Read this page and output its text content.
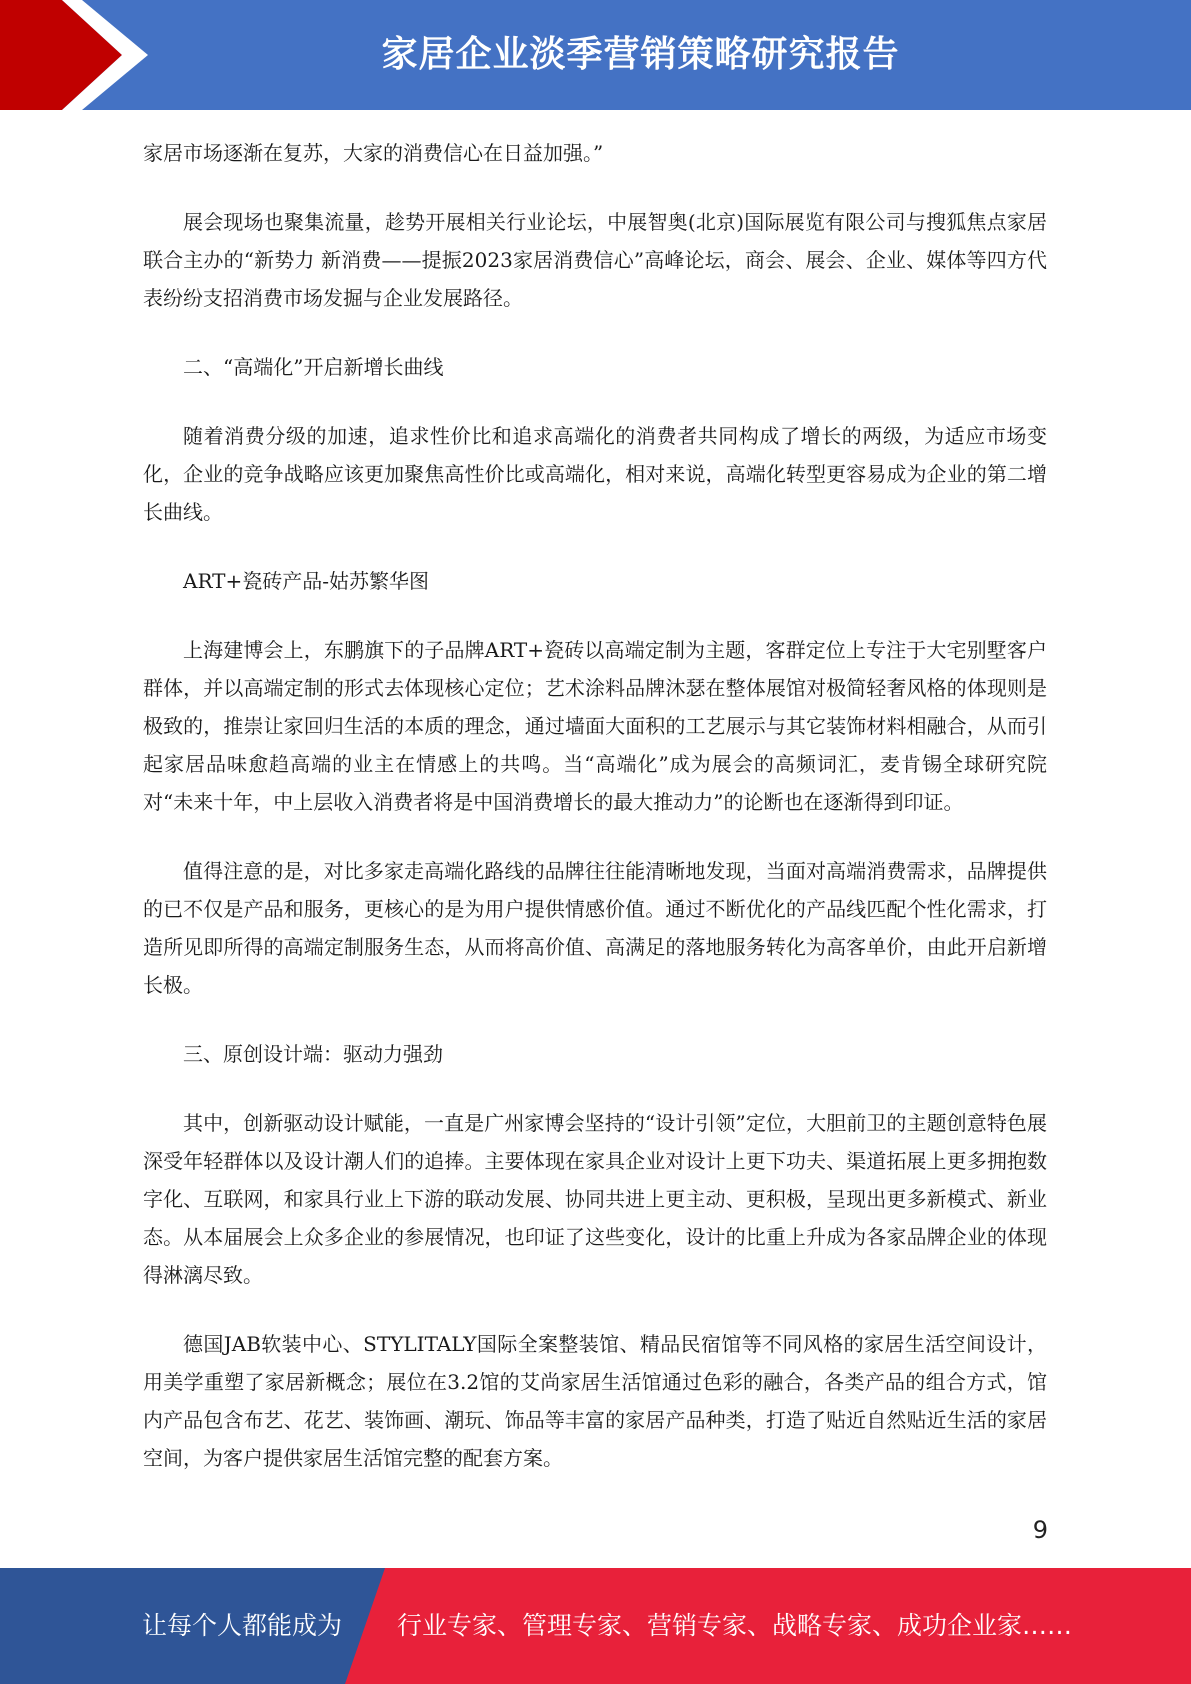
家居企业淡季营销策略研究报告

家居市场逐渐在复苏，大家的消费信心在日益加强。”

展会现场也聚集流量，趁势开展相关行业论坛，中展智奥(北京)国际展览有限公司与搜狐焦点家居联合主办的“新势力 新消费——提振2023家居消费信心”高峰论坛，商会、展会、企业、媒体等四方代表纷纷支招消费市场发掘与企业发展路径。

二、“高端化”开启新增长曲线

随着消费分级的加速，追求性价比和追求高端化的消费者共同构成了增长的两级，为适应市场变化，企业的竞争战略应该更加聚焦高性价比或高端化，相对来说，高端化转型更容易成为企业的第二增长曲线。

ART+瓷砖产品-姑苏繁华图

上海建博会上，东鹏旗下的子品牌ART+瓷砖以高端定制为主题，客群定位上专注于大宅别墅客户群体，并以高端定制的形式去体现核心定位；艺术涂料品牌沐瑟在整体展馆对极简轻奢风格的体现则是极致的，推崇让家回归生活的本质的理念，通过墙面大面积的工艺展示与其它装饰材料相融合，从而引起家居品味愈趋高端的业主在情感上的共鸣。当“高端化”成为展会的高频词汇，麦肯锡全球研究院对“未来十年，中上层收入消费者将是中国消费增长的最大推动力”的论断也在逐渐得到印证。

值得注意的是，对比多家走高端化路线的品牌往往能清晰地发现，当面对高端消费需求，品牌提供的已不仅是产品和服务，更核心的是为用户提供情感价值。通过不断优化的产品线匹配个性化需求，打造所见即所得的高端定制服务生态，从而将高价值、高满足的落地服务转化为高客单价，由此开启新增长极。

三、原创设计端：驱动力强劲

其中，创新驱动设计赋能，一直是广州家博会坚持的“设计引领”定位，大胆前卫的主题创意特色展深受年轻群体以及设计潮人们的追捧。主要体现在家具企业对设计上更下功夫、渠道拓展上更多拥抱数字化、互联网，和家具行业上下游的联动发展、协同共进上更主动、更积极，呈现出更多新模式、新业态。从本届展会上众多企业的参展情况，也印证了这些变化，设计的比重上升成为各家品牌企业的体现得淋漓尽致。

德国JAB软装中心、STYLITALY国际全案整装馆、精品民宿馆等不同风格的家居生活空间设计，用美学重塑了家居新概念；展位在3.2馆的艾尚家居生活馆通过色彩的融合，各类产品的组合方式，馆内产品包含布艺、花艺、装饰画、潮玩、饰品等丰富的家居产品种类，打造了贴近自然贴近生活的家居空间，为客户提供家居生活馆完整的配套方案。

9
让每个人都能成为 行业专家、管理专家、营销专家、战略专家、成功企业家……
